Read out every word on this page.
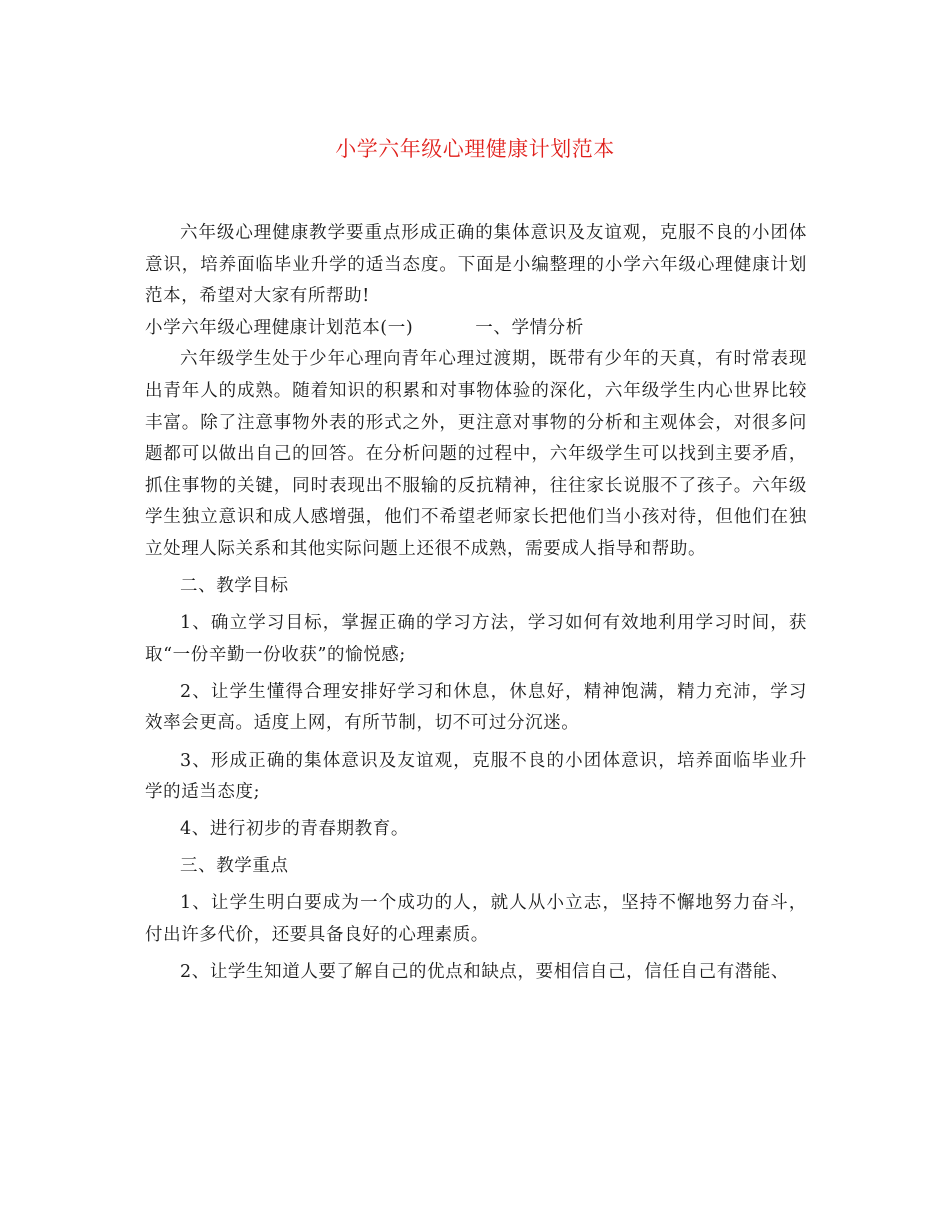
小学六年级心理健康计划范本

六年级心理健康教学要重点形成正确的集体意识及友谊观，克服不良的小团体意识，培养面临毕业升学的适当态度。下面是小编整理的小学六年级心理健康计划范本，希望对大家有所帮助!

小学六年级心理健康计划范本(一)	一、学情分析

六年级学生处于少年心理向青年心理过渡期，既带有少年的天真，有时常表现出青年人的成熟。随着知识的积累和对事物体验的深化，六年级学生内心世界比较丰富。除了注意事物外表的形式之外，更注意对事物的分析和主观体会，对很多问题都可以做出自己的回答。在分析问题的过程中，六年级学生可以找到主要矛盾，抓住事物的关键，同时表现出不服输的反抗精神，往往家长说服不了孩子。六年级学生独立意识和成人感增强，他们不希望老师家长把他们当小孩对待，但他们在独立处理人际关系和其他实际问题上还很不成熟，需要成人指导和帮助。

二、教学目标

1、确立学习目标，掌握正确的学习方法，学习如何有效地利用学习时间，获取“一份辛勤一份收获”的愉悦感;

2、让学生懂得合理安排好学习和休息，休息好，精神饱满，精力充沛，学习效率会更高。适度上网，有所节制，切不可过分沉迷。

3、形成正确的集体意识及友谊观，克服不良的小团体意识，培养面临毕业升学的适当态度;

4、进行初步的青春期教育。

三、教学重点

1、让学生明白要成为一个成功的人，就人从小立志，坚持不懈地努力奋斗，付出许多代价，还要具备良好的心理素质。

2、让学生知道人要了解自己的优点和缺点，要相信自己，信任自己有潜能、
